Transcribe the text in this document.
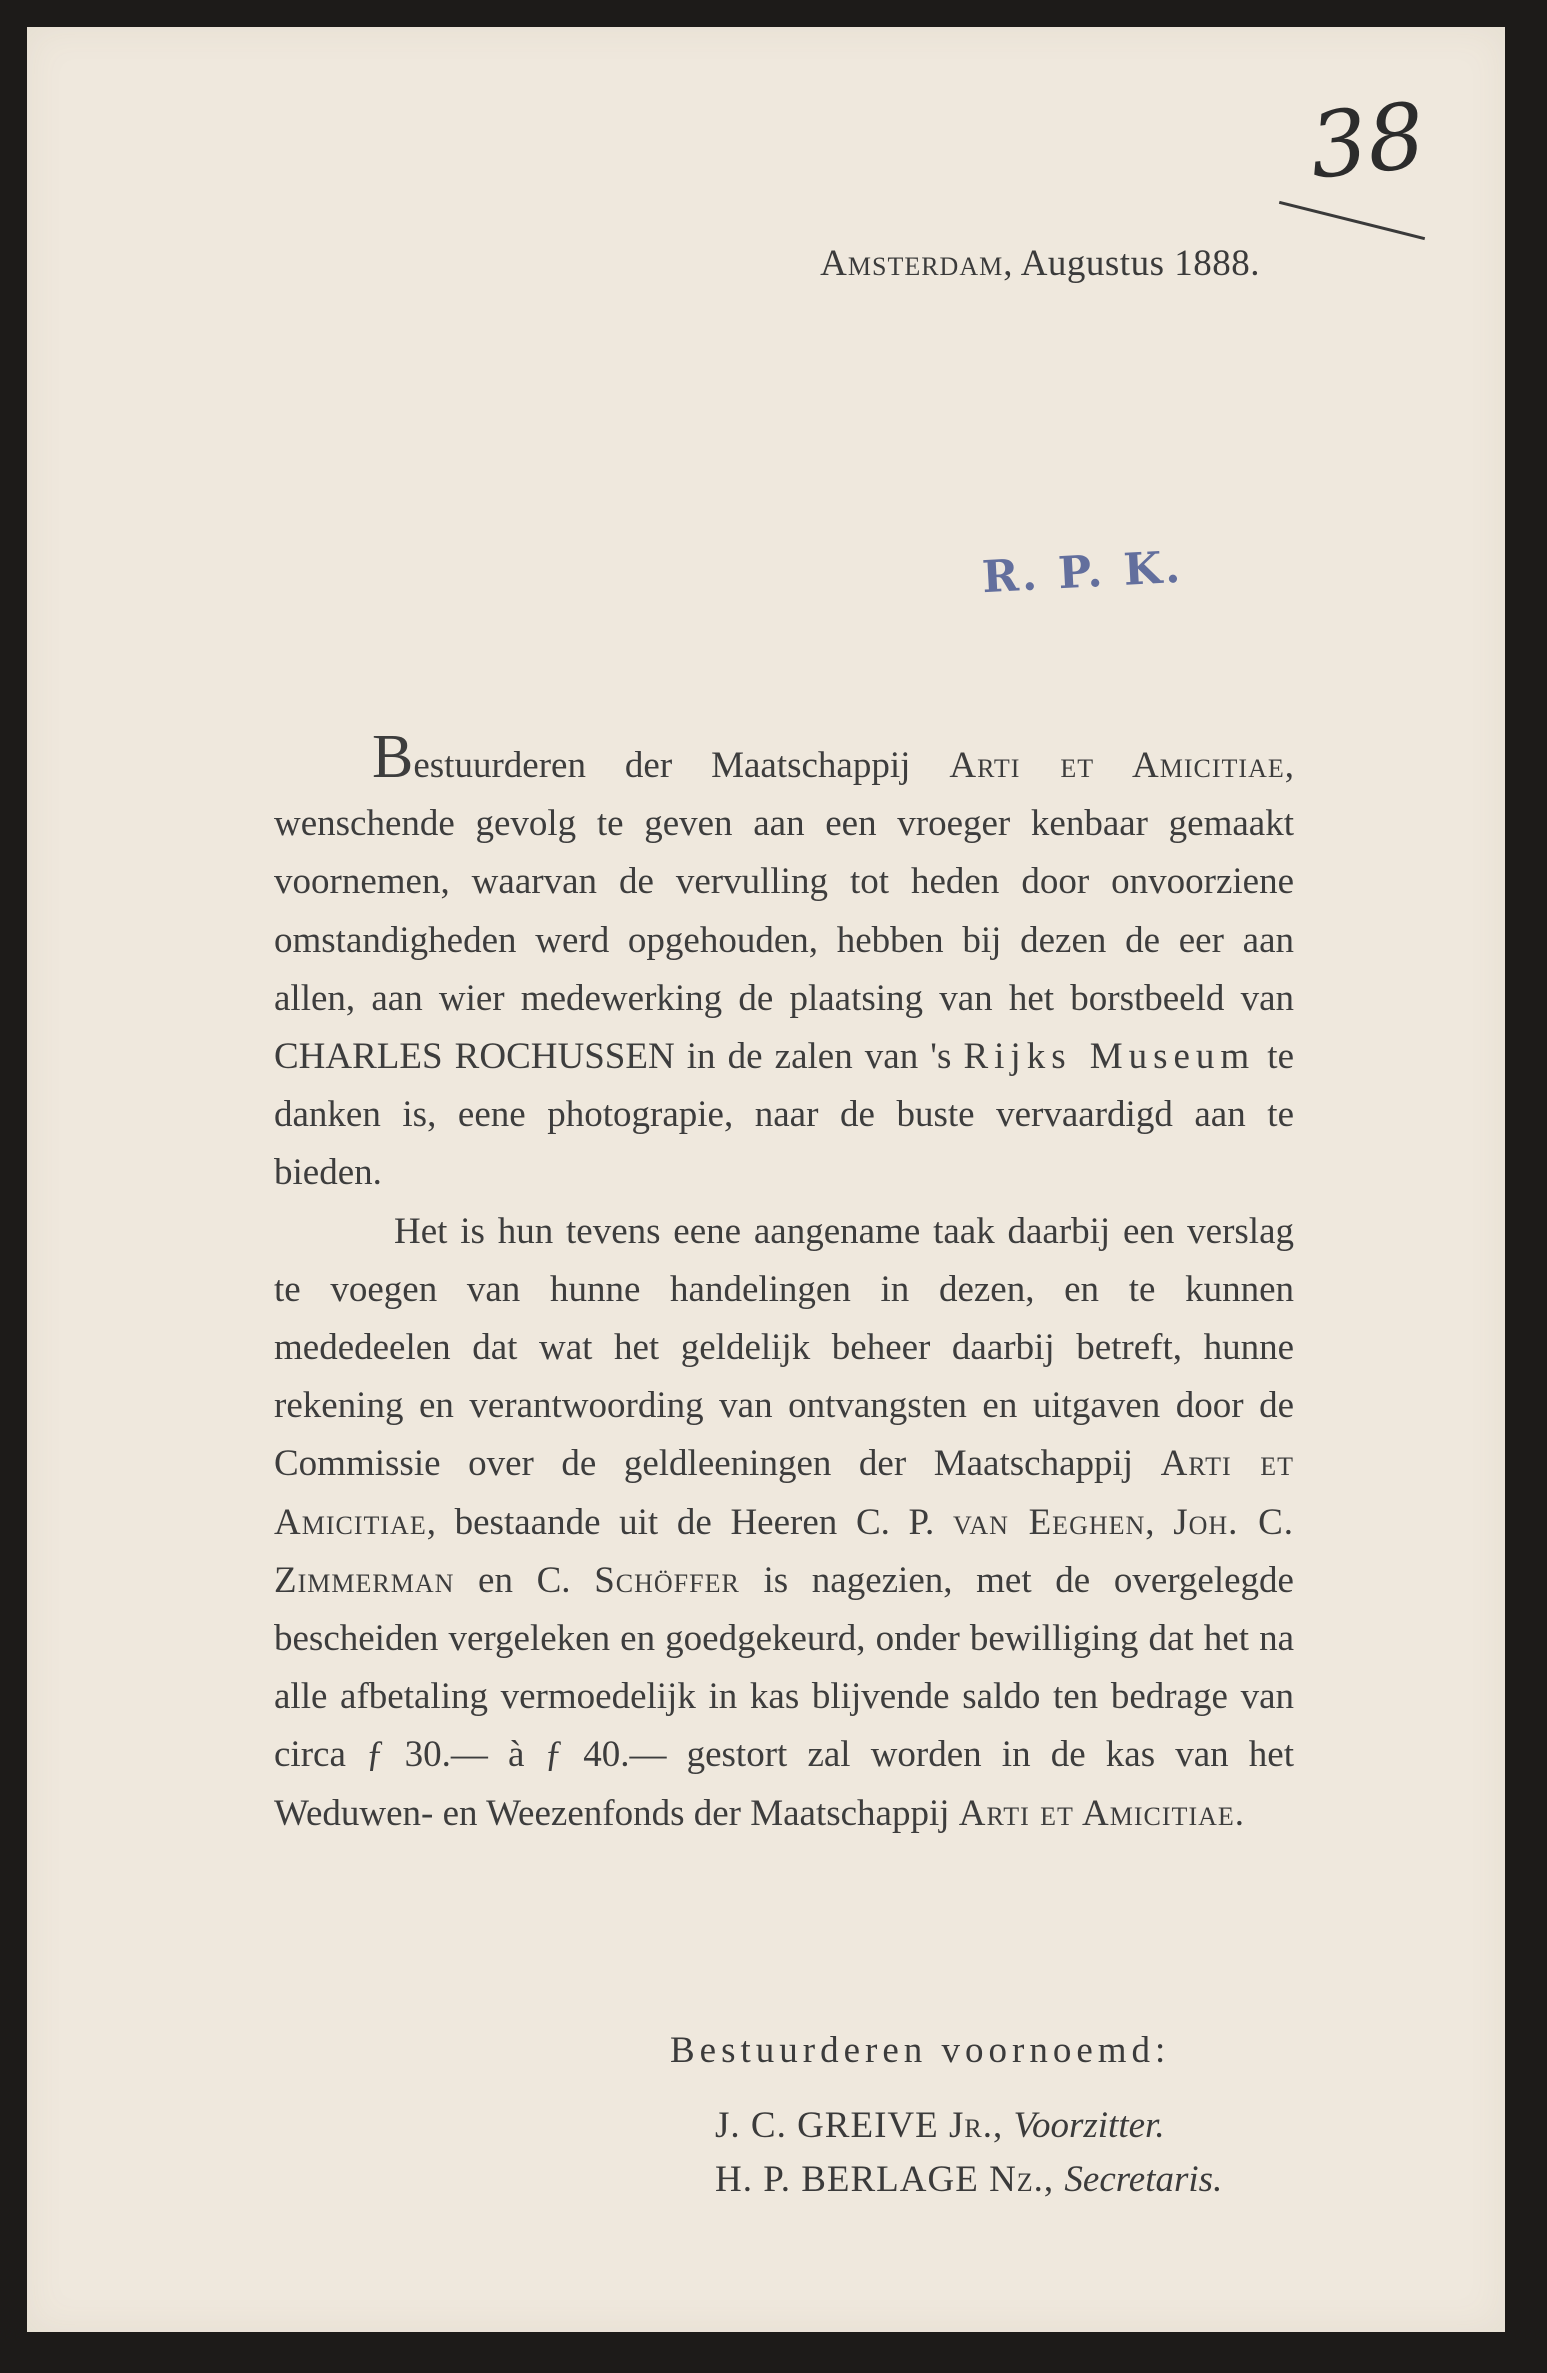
38
Amsterdam, Augustus 1888.
R. P. K.

Bestuurderen der Maatschappij Arti et Amicitiae, wenschende gevolg te geven aan een vroeger kenbaar gemaakt voornemen, waarvan de vervulling tot heden door onvoorziene omstandigheden werd opgehouden, hebben bij dezen de eer aan allen, aan wier medewerking de plaatsing van het borstbeeld van CHARLES ROCHUSSEN in de zalen van 's Rijks Museum te danken is, eene photograpie, naar de buste vervaardigd aan te bieden.

Het is hun tevens eene aangename taak daarbij een verslag te voegen van hunne handelingen in dezen, en te kunnen mededeelen dat wat het geldelijk beheer daarbij betreft, hunne rekening en verantwoording van ontvangsten en uitgaven door de Commissie over de geldleeningen der Maatschappij Arti et Amicitiae, bestaande uit de Heeren C. P. van Eeghen, Joh. C. Zimmerman en C. Schöffer is nagezien, met de overgelegde bescheiden vergeleken en goedgekeurd, onder bewilliging dat het na alle afbetaling vermoedelijk in kas blijvende saldo ten bedrage van circa ƒ 30.— à ƒ 40.— gestort zal worden in de kas van het Weduwen- en Weezenfonds der Maatschappij Arti et Amicitiae.

Bestuurderen voornoemd:
J. C. GREIVE Jr., Voorzitter.
H. P. BERLAGE Nz., Secretaris.
